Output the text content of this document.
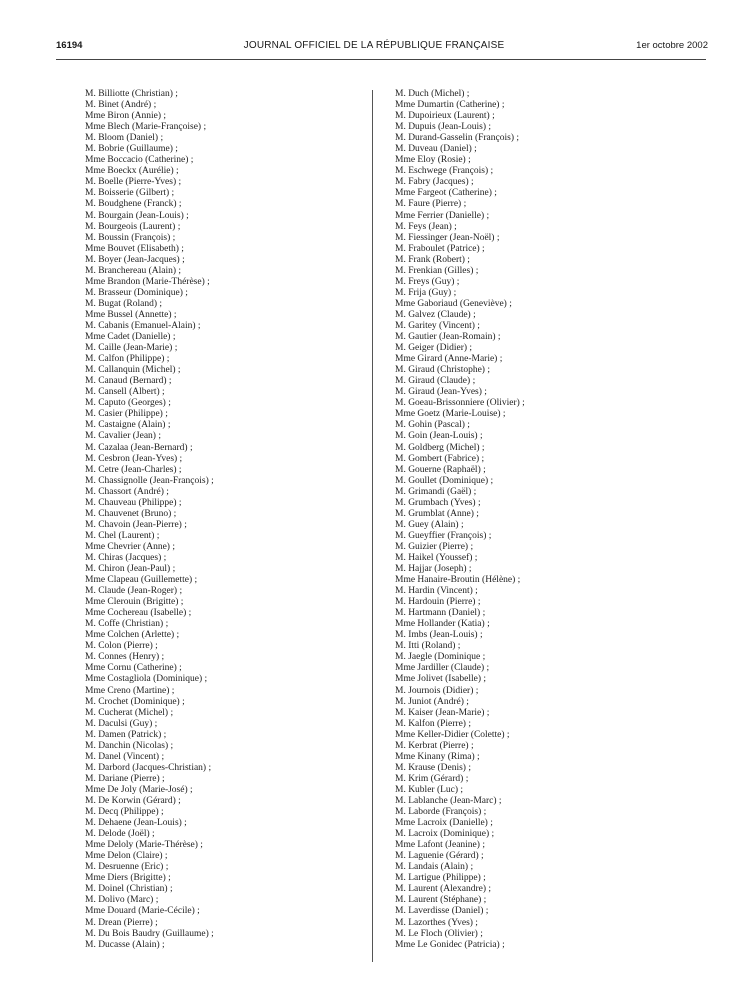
16194	JOURNAL OFFICIEL DE LA RÉPUBLIQUE FRANÇAISE	1er octobre 2002
M. Billiotte (Christian) ;
M. Binet (André) ;
Mme Biron (Annie) ;
Mme Blech (Marie-Françoise) ;
M. Bloom (Daniel) ;
M. Bobrie (Guillaume) ;
Mme Boccacio (Catherine) ;
Mme Boeckx (Aurélie) ;
M. Boelle (Pierre-Yves) ;
M. Boisserie (Gilbert) ;
M. Boudghene (Franck) ;
M. Bourgain (Jean-Louis) ;
M. Bourgeois (Laurent) ;
M. Boussin (François) ;
Mme Bouvet (Elisabeth) ;
M. Boyer (Jean-Jacques) ;
M. Branchereau (Alain) ;
Mme Brandon (Marie-Thérèse) ;
M. Brasseur (Dominique) ;
M. Bugat (Roland) ;
Mme Bussel (Annette) ;
M. Cabanis (Emanuel-Alain) ;
Mme Cadet (Danielle) ;
M. Caille (Jean-Marie) ;
M. Calfon (Philippe) ;
M. Callanquin (Michel) ;
M. Canaud (Bernard) ;
M. Cansell (Albert) ;
M. Caputo (Georges) ;
M. Casier (Philippe) ;
M. Castaigne (Alain) ;
M. Cavalier (Jean) ;
M. Cazalaa (Jean-Bernard) ;
M. Cesbron (Jean-Yves) ;
M. Cetre (Jean-Charles) ;
M. Chassignolle (Jean-François) ;
M. Chassort (André) ;
M. Chauveau (Philippe) ;
M. Chauvenet (Bruno) ;
M. Chavoin (Jean-Pierre) ;
M. Chel (Laurent) ;
Mme Chevrier (Anne) ;
M. Chiras (Jacques) ;
M. Chiron (Jean-Paul) ;
Mme Clapeau (Guillemette) ;
M. Claude (Jean-Roger) ;
Mme Clerouin (Brigitte) ;
Mme Cochereau (Isabelle) ;
M. Coffe (Christian) ;
Mme Colchen (Arlette) ;
M. Colon (Pierre) ;
M. Connes (Henry) ;
Mme Cornu (Catherine) ;
Mme Costagliola (Dominique) ;
Mme Creno (Martine) ;
M. Crochet (Dominique) ;
M. Cucherat (Michel) ;
M. Daculsi (Guy) ;
M. Damen (Patrick) ;
M. Danchin (Nicolas) ;
M. Danel (Vincent) ;
M. Darbord (Jacques-Christian) ;
M. Dariane (Pierre) ;
Mme De Joly (Marie-José) ;
M. De Korwin (Gérard) ;
M. Decq (Philippe) ;
M. Dehaene (Jean-Louis) ;
M. Delode (Joël) ;
Mme Deloly (Marie-Thérèse) ;
Mme Delon (Claire) ;
M. Desruenne (Eric) ;
Mme Diers (Brigitte) ;
M. Doinel (Christian) ;
M. Dolivo (Marc) ;
Mme Douard (Marie-Cécile) ;
M. Drean (Pierre) ;
M. Du Bois Baudry (Guillaume) ;
M. Ducasse (Alain) ;
M. Duch (Michel) ;
Mme Dumartin (Catherine) ;
M. Dupoirieux (Laurent) ;
M. Dupuis (Jean-Louis) ;
M. Durand-Gasselin (François) ;
M. Duveau (Daniel) ;
Mme Eloy (Rosie) ;
M. Eschwege (François) ;
M. Fabry (Jacques) ;
Mme Fargeot (Catherine) ;
M. Faure (Pierre) ;
Mme Ferrier (Danielle) ;
M. Feys (Jean) ;
M. Fiessinger (Jean-Noël) ;
M. Fraboulet (Patrice) ;
M. Frank (Robert) ;
M. Frenkian (Gilles) ;
M. Freys (Guy) ;
M. Frija (Guy) ;
Mme Gaboriaud (Geneviève) ;
M. Galvez (Claude) ;
M. Garitey (Vincent) ;
M. Gautier (Jean-Romain) ;
M. Geiger (Didier) ;
Mme Girard (Anne-Marie) ;
M. Giraud (Christophe) ;
M. Giraud (Claude) ;
M. Giraud (Jean-Yves) ;
M. Goeau-Brissonniere (Olivier) ;
Mme Goetz (Marie-Louise) ;
M. Gohin (Pascal) ;
M. Goin (Jean-Louis) ;
M. Goldberg (Michel) ;
M. Gombert (Fabrice) ;
M. Gouerne (Raphaël) ;
M. Goullet (Dominique) ;
M. Grimandi (Gaël) ;
M. Grumbach (Yves) ;
M. Grumblat (Anne) ;
M. Guey (Alain) ;
M. Gueyffier (François) ;
M. Guizier (Pierre) ;
M. Haikel (Youssef) ;
M. Hajjar (Joseph) ;
Mme Hanaire-Broutin (Hélène) ;
M. Hardin (Vincent) ;
M. Hardouin (Pierre) ;
M. Hartmann (Daniel) ;
Mme Hollander (Katia) ;
M. Imbs (Jean-Louis) ;
M. Itti (Roland) ;
M. Jaegle (Dominique ;
Mme Jardiller (Claude) ;
Mme Jolivet (Isabelle) ;
M. Journois (Didier) ;
M. Juniot (André) ;
M. Kaiser (Jean-Marie) ;
M. Kalfon (Pierre) ;
Mme Keller-Didier (Colette) ;
M. Kerbrat (Pierre) ;
Mme Kinany (Rima) ;
M. Krause (Denis) ;
M. Krim (Gérard) ;
M. Kubler (Luc) ;
M. Lablanche (Jean-Marc) ;
M. Laborde (François) ;
Mme Lacroix (Danielle) ;
M. Lacroix (Dominique) ;
Mme Lafont (Jeanine) ;
M. Laguenie (Gérard) ;
M. Landais (Alain) ;
M. Lartigue (Philippe) ;
M. Laurent (Alexandre) ;
M. Laurent (Stéphane) ;
M. Laverdisse (Daniel) ;
M. Lazorthes (Yves) ;
M. Le Floch (Olivier) ;
Mme Le Gonidec (Patricia) ;
